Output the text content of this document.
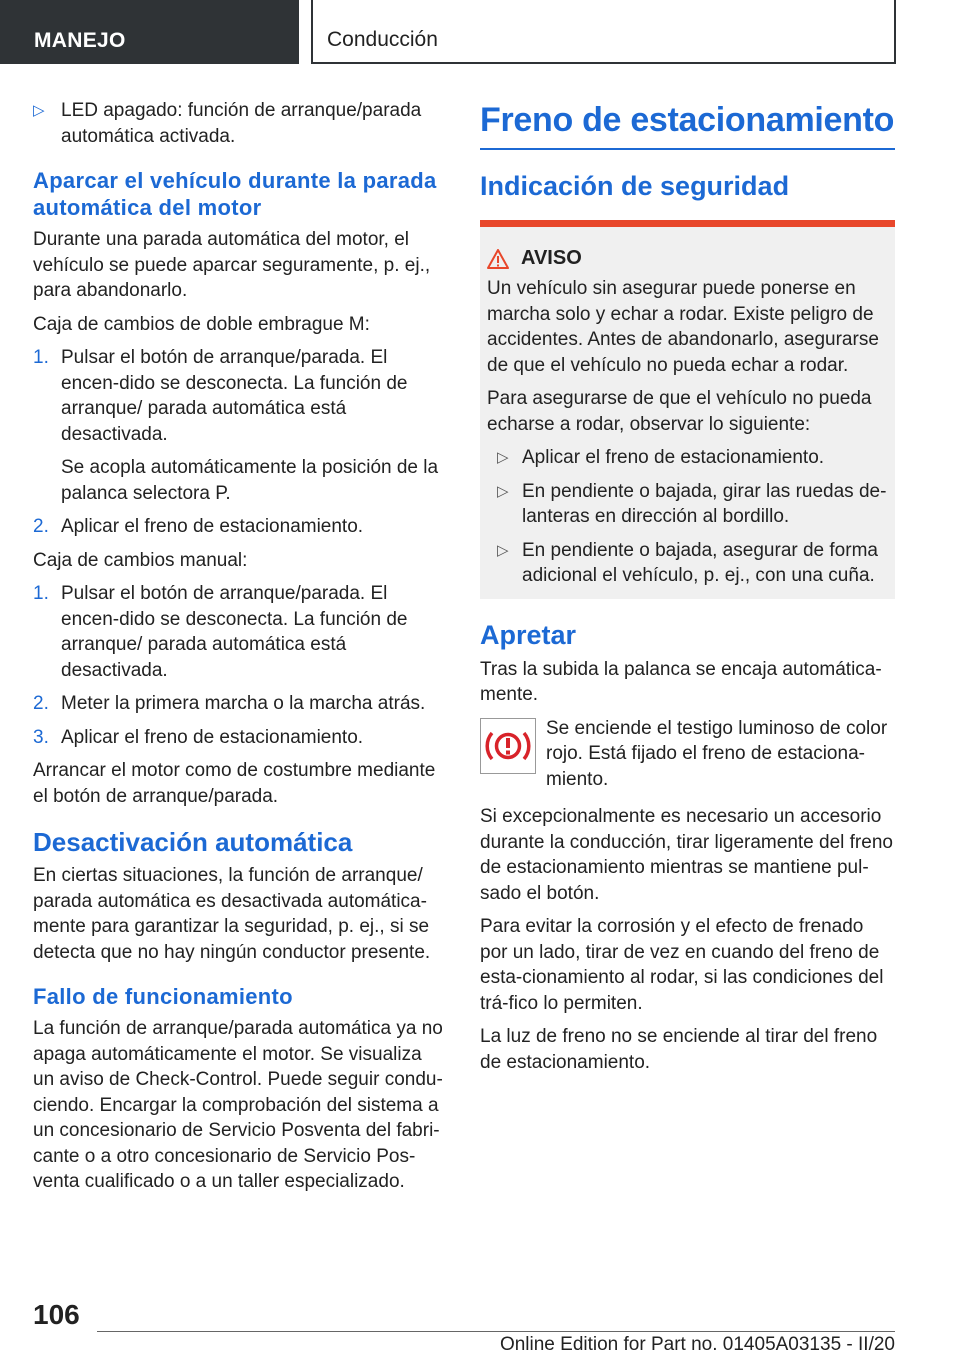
MANEJO	Conducción
▷ LED apagado: función de arranque/parada automática activada.
Aparcar el vehículo durante la parada automática del motor

Durante una parada automática del motor, el vehículo se puede aparcar seguramente, p. ej., para abandonarlo.

Caja de cambios de doble embrague M:

1. Pulsar el botón de arranque/parada. El encen-dido se desconecta. La función de arranque/ parada automática está desactivada.
Se acopla automáticamente la posición de la palanca selectora P.
2. Aplicar el freno de estacionamiento.

Caja de cambios manual:

1. Pulsar el botón de arranque/parada. El encen-dido se desconecta. La función de arranque/ parada automática está desactivada.
2. Meter la primera marcha o la marcha atrás.
3. Aplicar el freno de estacionamiento.

Arrancar el motor como de costumbre mediante el botón de arranque/parada.

Desactivación automática

En ciertas situaciones, la función de arranque/ parada automática es desactivada automática-mente para garantizar la seguridad, p. ej., si se detecta que no hay ningún conductor presente.

Fallo de funcionamiento

La función de arranque/parada automática ya no apaga automáticamente el motor. Se visualiza un aviso de Check-Control. Puede seguir condu-ciendo. Encargar la comprobación del sistema a un concesionario de Servicio Posventa del fabri-cante o a otro concesionario de Servicio Pos-venta cualificado o a un taller especializado.

Freno de estacionamiento
Indicación de seguridad
AVISO

Un vehículo sin asegurar puede ponerse en marcha solo y echar a rodar. Existe peligro de accidentes. Antes de abandonarlo, asegurarse de que el vehículo no pueda echar a rodar.

Para asegurarse de que el vehículo no pueda echarse a rodar, observar lo siguiente:

▷ Aplicar el freno de estacionamiento.
▷ En pendiente o bajada, girar las ruedas de-lanteras en dirección al bordillo.
▷ En pendiente o bajada, asegurar de forma adicional el vehículo, p. ej., con una cuña.
Apretar

Tras la subida la palanca se encaja automática-mente.

Se enciende el testigo luminoso de color rojo. Está fijado el freno de estaciona-miento.

Si excepcionalmente es necesario un accesorio durante la conducción, tirar ligeramente del freno de estacionamiento mientras se mantiene pul-sado el botón.

Para evitar la corrosión y el efecto de frenado por un lado, tirar de vez en cuando del freno de esta-cionamiento al rodar, si las condiciones del trá-fico lo permiten.

La luz de freno no se enciende al tirar del freno de estacionamiento.

106
Online Edition for Part no. 01405A03135 - II/20
